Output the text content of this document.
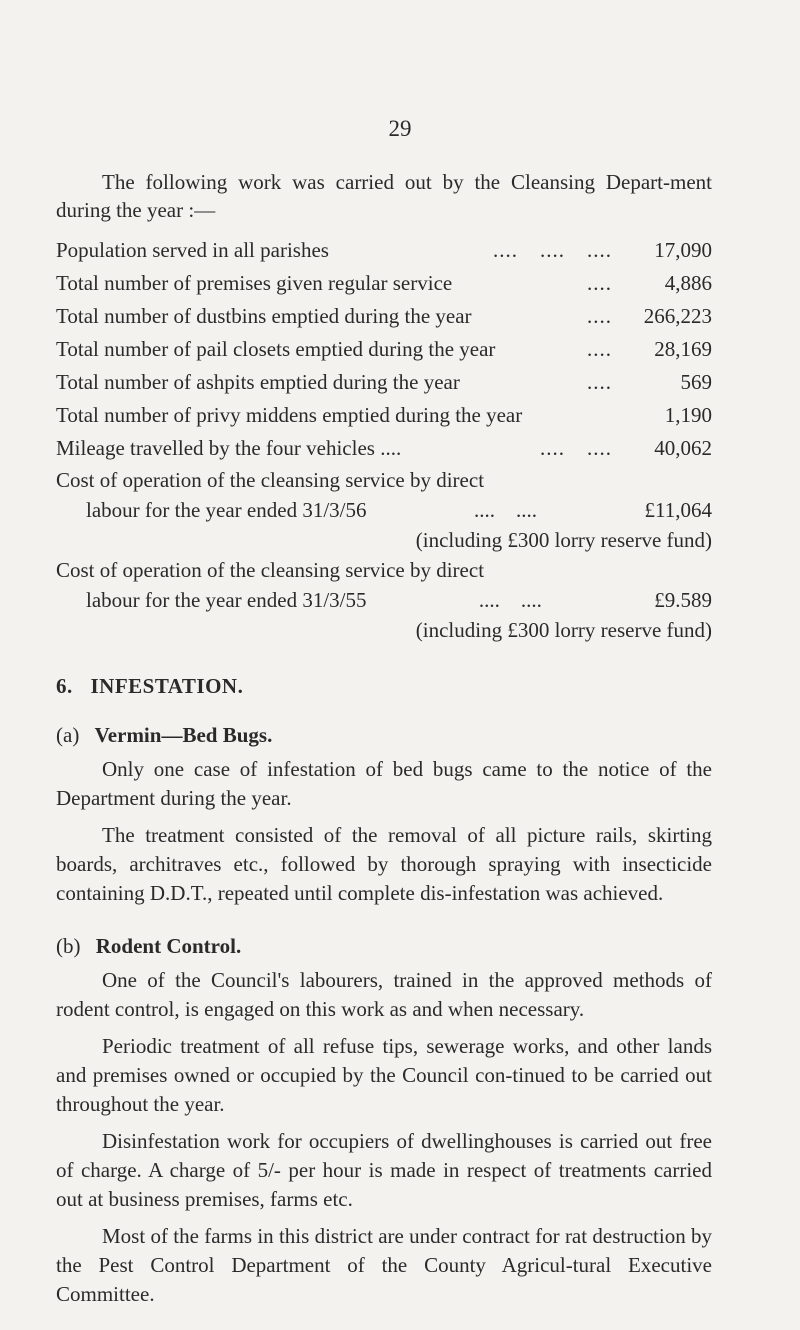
29

The following work was carried out by the Cleansing Depart-ment during the year :—

Population served in all parishes	.... .... ....	17,090
Total number of premises given regular service	....	4,886
Total number of dustbins emptied during the year	.... 266,223
Total number of pail closets emptied during the year	....	28,169
Total number of ashpits emptied during the year	....	569
Total number of privy middens emptied during the year	1,190
Mileage travelled by the four vehicles ....	.... ....	40,062
Cost of operation of the cleansing service by direct
labour for the year ended 31/3/56	.... ....	£11,064
(including £300 lorry reserve fund)
Cost of operation of the cleansing service by direct
labour for the year ended 31/3/55	.... ....	£9.589
(including £300 lorry reserve fund)
6. INFESTATION.
(a) Vermin—Bed Bugs.

Only one case of infestation of bed bugs came to the notice of the Department during the year.

The treatment consisted of the removal of all picture rails, skirting boards, architraves etc., followed by thorough spraying with insecticide containing D.D.T., repeated until complete dis-infestation was achieved.

(b) Rodent Control.

One of the Council's labourers, trained in the approved methods of rodent control, is engaged on this work as and when necessary.

Periodic treatment of all refuse tips, sewerage works, and other lands and premises owned or occupied by the Council con-tinued to be carried out throughout the year.

Disinfestation work for occupiers of dwellinghouses is carried out free of charge. A charge of 5/- per hour is made in respect of treatments carried out at business premises, farms etc.

Most of the farms in this district are under contract for rat destruction by the Pest Control Department of the County Agricul-tural Executive Committee.
